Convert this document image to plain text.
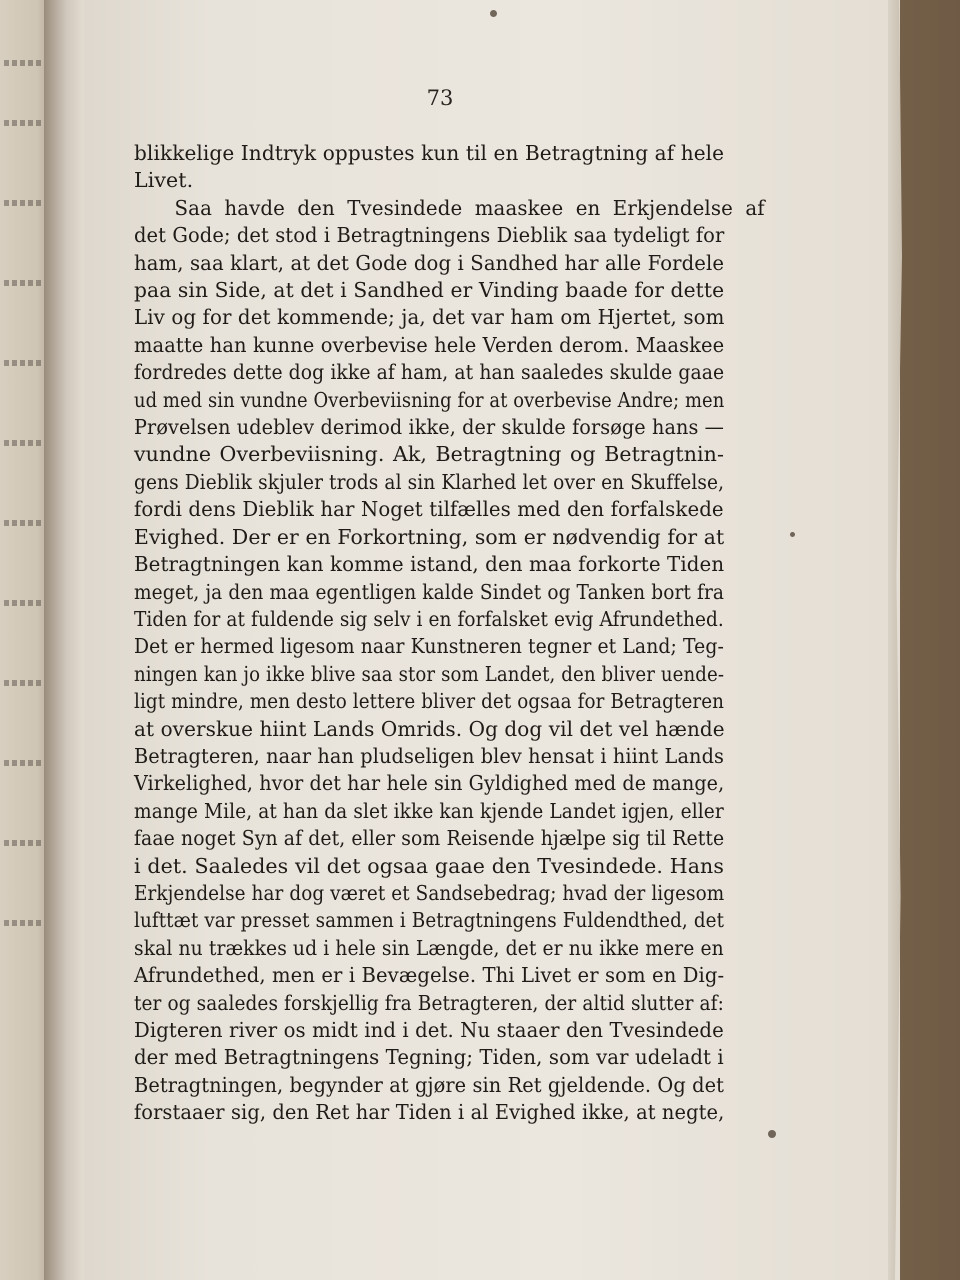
73
blikkelige Indtryk oppustes kun til en Betragtning af hele
Livet.
Saa havde den Tvesindede maaskee en Erkjendelse af
det Gode; det stod i Betragtningens Dieblik saa tydeligt for
ham, saa klart, at det Gode dog i Sandhed har alle Fordele
paa sin Side, at det i Sandhed er Vinding baade for dette
Liv og for det kommende; ja, det var ham om Hjertet, som
maatte han kunne overbevise hele Verden derom. Maaskee
fordredes dette dog ikke af ham, at han saaledes skulde gaae
ud med sin vundne Overbeviisning for at overbevise Andre; men
Prøvelsen udeblev derimod ikke, der skulde forsøge hans —
vundne Overbeviisning. Ak, Betragtning og Betragtnin-
gens Dieblik skjuler trods al sin Klarhed let over en Skuffelse,
fordi dens Dieblik har Noget tilfælles med den forfalskede
Evighed. Der er en Forkortning, som er nødvendig for at
Betragtningen kan komme istand, den maa forkorte Tiden
meget, ja den maa egentligen kalde Sindet og Tanken bort fra
Tiden for at fuldende sig selv i en forfalsket evig Afrundethed.
Det er hermed ligesom naar Kunstneren tegner et Land; Teg-
ningen kan jo ikke blive saa stor som Landet, den bliver uende-
ligt mindre, men desto lettere bliver det ogsaa for Betragteren
at overskue hiint Lands Omrids. Og dog vil det vel hænde
Betragteren, naar han pludseligen blev hensat i hiint Lands
Virkelighed, hvor det har hele sin Gyldighed med de mange,
mange Mile, at han da slet ikke kan kjende Landet igjen, eller
faae noget Syn af det, eller som Reisende hjælpe sig til Rette
i det. Saaledes vil det ogsaa gaae den Tvesindede. Hans
Erkjendelse har dog været et Sandsebedrag; hvad der ligesom
lufttæt var presset sammen i Betragtningens Fuldendthed, det
skal nu trækkes ud i hele sin Længde, det er nu ikke mere en
Afrundethed, men er i Bevægelse. Thi Livet er som en Dig-
ter og saaledes forskjellig fra Betragteren, der altid slutter af:
Digteren river os midt ind i det. Nu staaer den Tvesindede
der med Betragtningens Tegning; Tiden, som var udeladt i
Betragtningen, begynder at gjøre sin Ret gjeldende. Og det
forstaaer sig, den Ret har Tiden i al Evighed ikke, at negte,
